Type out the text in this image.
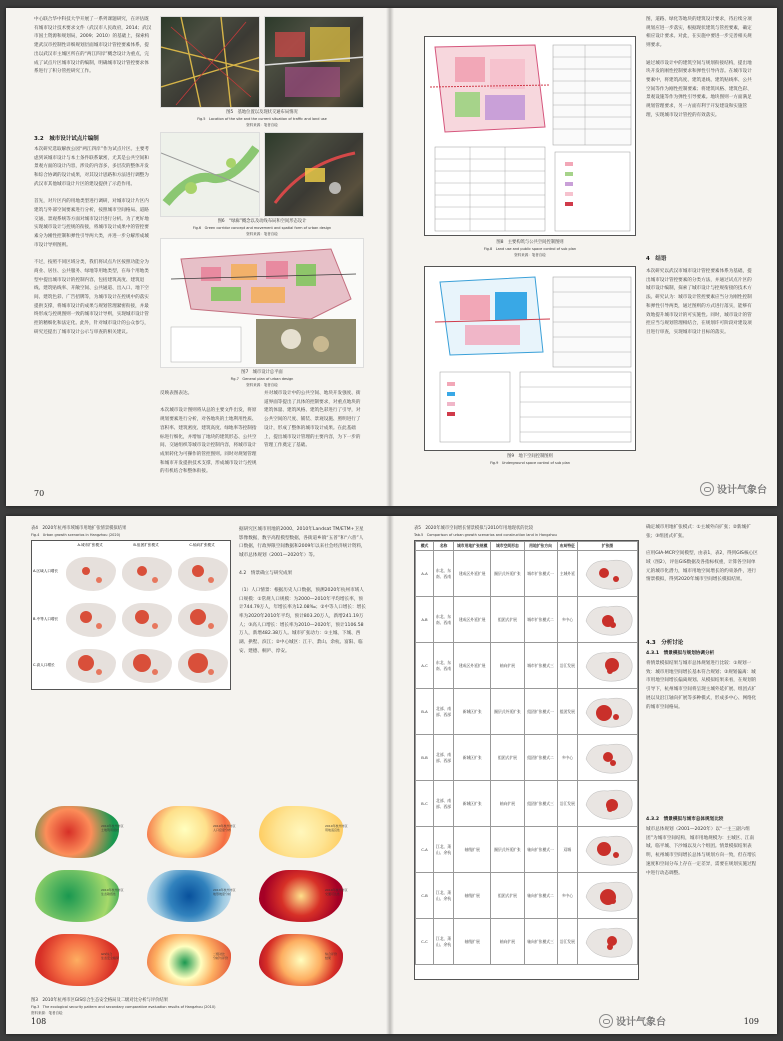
中心联合华中科技大学开展了一系列课题研究，在评估既有城市设计技术要求文件（武汉市人民政府，2014；武汉市国土资源和规划局，2009；2010）的基础上，探索构建武汉市控制性详细规划层面城市设计管控要素体系，提出以武汉市主城区所在的“两江四岸”概念设计为重点，完成了试点片区城市设计的编制，明确城市设计管控要求体系进行了积分管控研究工作。
3.2　城市设计试点片编制
本次研究选取解放公园“两江四岸”作为试点片区。主要考虑到该城市设计与本土条件联系紧密，尤其是公共空间和景观方面的设计内容，涉及的内容多，多层次的整体开发和综合协调的设计成果，对其设计思路和方法进行调整为武汉市其他城市设计片区的建设提供了示范作用。

首先，对片区内的用地类型进行调研，对城市设计片区内建筑与外部空间要素进行分析，按照城市空间格局、道路交通、景观系统等方面对城市设计进行分析。为了更好地实现城市设计与控规的衔接，将城市设计成果中的管控要素分为刚性控制和弹性引导两大类，并进一步分解形成城市设计导则图则。

不过，按照不同区域分类，我们将试点片区按照功能分为商业、居住、公共服务、绿地等用地类型，在每个用地类型中提出城市设计的控制内容，包括建筑高度、建筑退线、建筑贴线率、开敞空间、公共通道、出入口、地下空间、建筑色彩、广告招牌等，为城市设计在控规中的落实提供支撑，将城市设计的成果与规划管理紧密衔接，并最终形成与控规图则一致的城市设计导则，实现城市设计管控的精细化和法定化。此外，针对城市设计的公众参与，研究还提出了城市设计公示与审查的相关建议。
图5　基地位置以及现状交通布局情况
Fig.5　Location of the site and the current situation of traffic and land use
资料来源：笔者自绘
图6　“绿廊”概念以及动线布局和空间形态设计
Fig.6　Green corridor concept and movement and spatial form of urban design
资料来源：笔者自绘
图7　城市设计总平面
Fig.7　General plan of urban design
资料来源：笔者自绘
反映表图表达。

本次城市设计图则将从总的主要文件出发，将原规划要素进行分析，对各地块的土地利用性质、容积率、建筑密度、建筑高度、绿地率等控制指标进行细化，并增加了地块的建筑形态、公共空间、交通组织等城市设计控制内容，将城市设计成果转化为可操作的管控图则。同时对规划管理和城市开发提供技术支撑，形成城市设计与控规的有机结合和整体衔接。
并对城市设计中的公共空间、地块开发强度、街道界面等提出了具体的控制要求，对重点地块的建筑体量、建筑风格、建筑色彩进行了引导，对公共空间的尺度、铺装、景观设施、照明进行了设计，形成了整体的城市设计成果。在此基础上，提出城市设计管理的主要内容，为下一步的管理工作奠定了基础。
70
图8　主要构筑与公共空间控制图则
Fig.8　Land use and public space control of sub plan
资料来源：笔者自绘
图9　地下空间控制图则
Fig.9　Underground space control of sub plan
图，道路、绿化等地块的建筑设计要求，待后续分项规划应进一步落实，根据现状建筑与管控要素，确定相应设计要求。对此，在实施中要进一步完善相关规则要求。

通过城市设计中的建筑空间与规划衔接结构，提出地块开发的刚性控制要求和弹性引导内容。在城市设计要素中，将建筑高度、建筑退线、建筑贴线率、公共空间等作为刚性控制要素；将建筑风格、建筑色彩、景观设施等作为弹性引导要素。地块图则一方面满足规划管理要求，另一方面有利于开发建设和实施管理，实现城市设计管控的有效落实。
4　结语
本次研究以武汉市城市设计管控要素体系为基础，提出城市设计管控要素的分类方法，并通过试点片区的城市设计编制，探索了城市设计与控规衔接的技术方法。研究认为：城市设计管控要素应当分为刚性控制和弹性引导两类，通过图则的方式进行落实，能够有效地提升城市设计的可实施性。同时，城市设计的管控应当与规划管理相结合，在规划许可阶段对建设项目进行审查，实现城市设计目标的落实。
设计气象台
表4　2020年杭州市域城市用地扩张情景模拟结果
Fig.4　Urban growth scenarios in Hangzhou (2020)
A.城市扩张模式	B.组团扩张模式	C.轴向扩张模式
A.区域人口增长
B.中等人口增长
C.高人口增长
据研究区城市用地的2000、2010年Landsat TM/ETM+卫星影像数据，数字高程模型数据，各街道乡镇“五普”和“六普”人口数据，行政界限空间数据和2009年以来社会经济统计资料，城市总体规划（2001—2020年）等。

4.2　情景确立与研究成果

（1）人口情景：根据历史人口数据，预测2020年杭州市域人口规模：①常规人口规模：为2000—2010年平均增长率，预计744.79万人，年增长率为12.08‰；②中等人口增长：增长率为2020年2010年平均，预计803.20万人，新增241.19万人；③高人口增长：增长率为2010—2020年，预计1106.58万人，新增482.38万人。城市扩张动力：①主城、下城、西湖、拱墅、滨江；②中心城区：江干、萧山、余杭、富阳、临安、建德、桐庐、淳安。
2010年杭州市区
土地利用现状
2010年杭州市区
人口密度分布
2010年杭州市区
用地适宜性
2010年杭州市区
生态敏感性
2010年杭州市区
地形坡度分析
2010年杭州市区
交通可达性
GIS综合
生态安全格局
二级对比
分析与评价
综合评价
结果
图3　2010年杭州市区GIS综合生态安全格局及二级对比分析与评价结果
Fig.3　The ecological security pattern and secondary comparative evaluation results of Hangzhou (2010)
资料来源：笔者自绘
108
表5　2020年城市空间增长情景模拟与2010年用地现状的比较
Tab.5　Comparison of urban growth scenarios and construction land in Hangzhou
模式	名称	城市用地扩张规模	城市空间形态	用地扩张方向	布局特征	扩张图
A-A	东北、东南、西南	建成区外延扩展	圈层式外延扩张	城市扩张模式一	主城外延	
A-B	东北、东南、西南	建成区外延扩展	组团式扩展	城市扩张模式二	多中心	
A-C	东北、东南、西南	建成区外延扩展	轴向扩展	城市扩张模式三	沿江发展	
B-A	北部、南部、西部	新城区扩张	圈层式外延扩张	组团扩张模式一	组团发展	
B-B	北部、南部、西部	新城区扩张	组团式扩展	组团扩张模式二	多中心	
B-C	北部、南部、西部	新城区扩张	轴向扩展	组团扩张模式三	沿江发展	
C-A	江北、萧山、余杭	轴线扩展	圈层式外延扩张	轴向扩张模式一	双城	
C-B	江北、萧山、余杭	轴线扩展	组团式扩展	轴向扩张模式二	多中心	
C-C	江北、萧山、余杭	轴线扩展	轴向扩展	轴向扩张模式三	沿江发展	
确定城市用地扩张模式：①主城外向扩张；②新城扩张；③组团式扩张。

应用GIA-MCR空间模型，由表1，表2，得到GIS核心区域（图2），评估GIS数据及各指标权重，计算各空间单元的城市化潜力，城市用地空间增长的约束条件，进行情景模拟，得到2020年城市空间增长模拟结果。
4.3　分析讨论
4.3.1　情景模拟与规划协调分析
将情景模拟结果与城市总体规划进行比较：①规划一致：城市用地空间增长基本符合规划；②规划偏离：城市用地空间增长偏离规划。从模拟结果来看，在规划的引导下，杭州城市空间将呈现主城外延扩展、组团式扩展以及沿江轴向扩展等多种模式，形成多中心、网络化的城市空间格局。
4.3.2　情景模拟与城市总体规划比较
城市总体规划（2001—2020年）以“一主三副六组团”为城市空间结构，城市用地规模为：主城区、江南城、临平城、下沙城以及六个组团。情景模拟结果表明，杭州城市空间增长总体与规划方向一致，但在增长速度和空间分布上存在一定差异，需要在规划实施过程中进行动态调整。
设计气象台	109
